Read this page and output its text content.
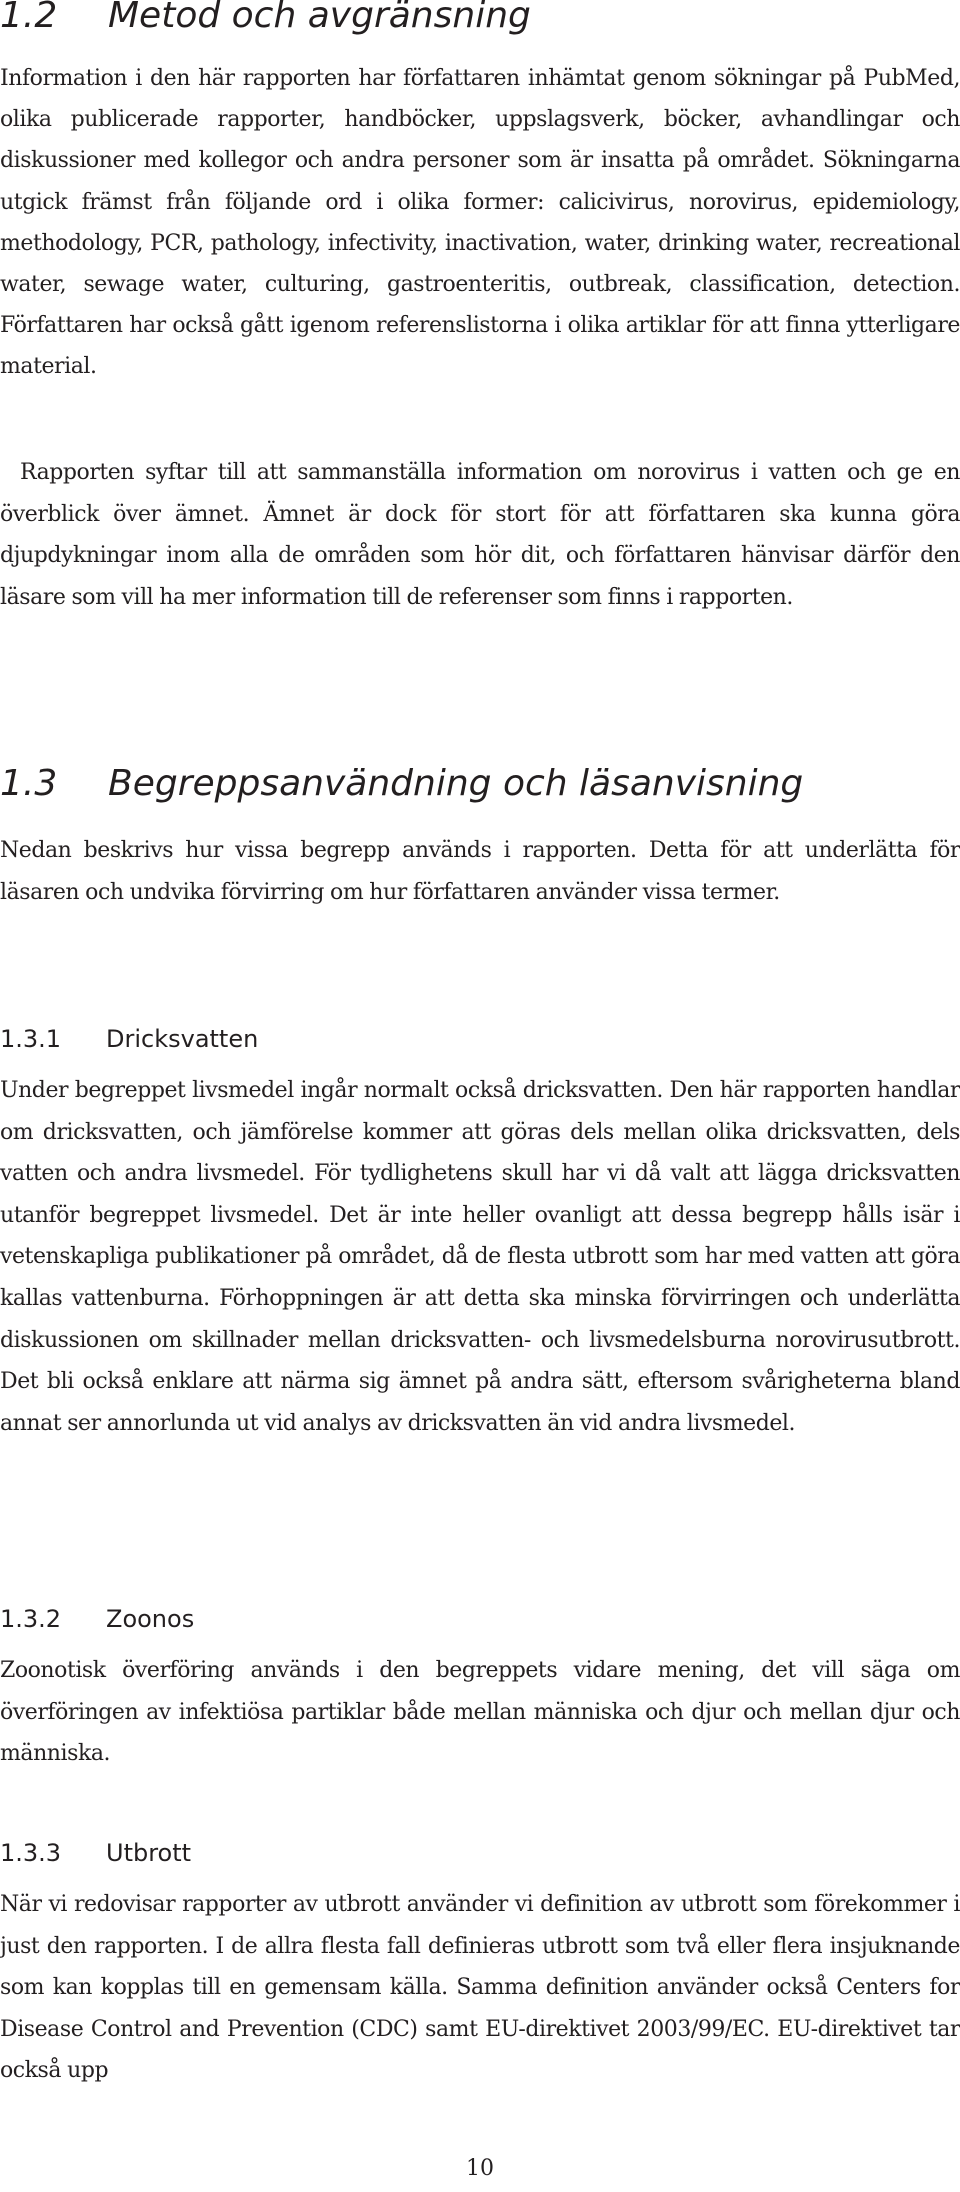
1.2 Metod och avgränsning

Information i den här rapporten har författaren inhämtat genom sökningar på PubMed, olika publicerade rapporter, handböcker, uppslagsverk, böcker, avhandlingar och diskussioner med kollegor och andra personer som är insatta på området. Sökningarna utgick främst från följande ord i olika former: calicivirus, norovirus, epidemiology, methodology, PCR, pathology, infectivity, inactivation, water, drinking water, recreational water, sewage water, culturing, gastroenteritis, outbreak, classification, detection. Författaren har också gått igenom referenslistorna i olika artiklar för att finna ytterligare material.

Rapporten syftar till att sammanställa information om norovirus i vatten och ge en överblick över ämnet. Ämnet är dock för stort för att författaren ska kunna göra djupdykningar inom alla de områden som hör dit, och författaren hänvisar därför den läsare som vill ha mer information till de referenser som finns i rapporten.

1.3 Begreppsanvändning och läsanvisning

Nedan beskrivs hur vissa begrepp används i rapporten. Detta för att underlätta för läsaren och undvika förvirring om hur författaren använder vissa termer.

1.3.1 Dricksvatten

Under begreppet livsmedel ingår normalt också dricksvatten. Den här rapporten handlar om dricksvatten, och jämförelse kommer att göras dels mellan olika dricksvatten, dels vatten och andra livsmedel. För tydlighetens skull har vi då valt att lägga dricksvatten utanför begreppet livsmedel. Det är inte heller ovanligt att dessa begrepp hålls isär i vetenskapliga publikationer på området, då de flesta utbrott som har med vatten att göra kallas vattenburna. Förhoppningen är att detta ska minska förvirringen och underlätta diskussionen om skillnader mellan dricksvatten- och livsmedelsburna norovirusutbrott. Det bli också enklare att närma sig ämnet på andra sätt, eftersom svårigheterna bland annat ser annorlunda ut vid analys av dricksvatten än vid andra livsmedel.

1.3.2 Zoonos

Zoonotisk överföring används i den begreppets vidare mening, det vill säga om överföringen av infektiösa partiklar både mellan människa och djur och mellan djur och människa.

1.3.3 Utbrott

När vi redovisar rapporter av utbrott använder vi definition av utbrott som förekommer i just den rapporten. I de allra flesta fall definieras utbrott som två eller flera insjuknande som kan kopplas till en gemensam källa. Samma definition använder också Centers for Disease Control and Prevention (CDC) samt EU-direktivet 2003/99/EC. EU-direktivet tar också upp

10
